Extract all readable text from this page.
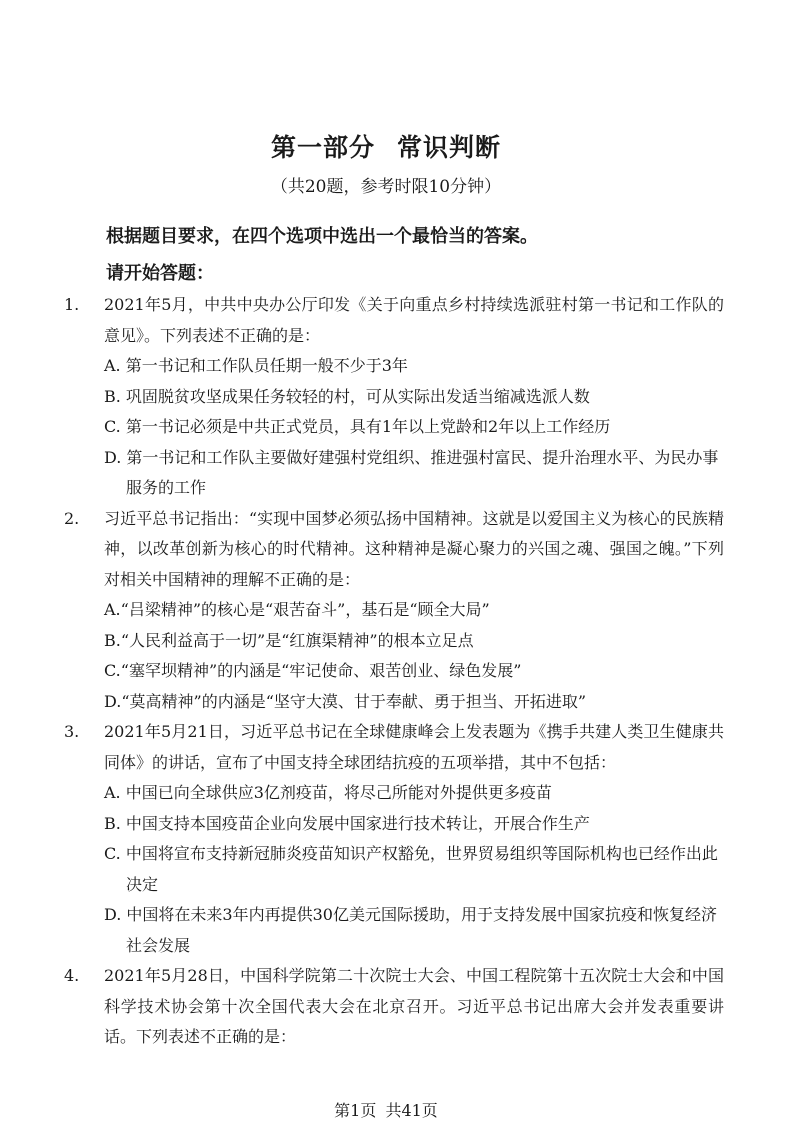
第一部分 常识判断
（共20题，参考时限10分钟）
根据题目要求，在四个选项中选出一个最恰当的答案。
请开始答题：
1.	2021年5月，中共中央办公厅印发《关于向重点乡村持续选派驻村第一书记和工作队的意见》。下列表述不正确的是：
A. 第一书记和工作队员任期一般不少于3年
B. 巩固脱贫攻坚成果任务较轻的村，可从实际出发适当缩减选派人数
C. 第一书记必须是中共正式党员，具有1年以上党龄和2年以上工作经历
D. 第一书记和工作队主要做好建强村党组织、推进强村富民、提升治理水平、为民办事服务的工作
2.	习近平总书记指出：“实现中国梦必须弘扬中国精神。这就是以爱国主义为核心的民族精神，以改革创新为核心的时代精神。这种精神是凝心聚力的兴国之魂、强国之魄。”下列对相关中国精神的理解不正确的是：
A.“吕梁精神”的核心是“艰苦奋斗”，基石是“顾全大局”
B.“人民利益高于一切”是“红旗渠精神”的根本立足点
C.“塞罕坝精神”的内涵是“牢记使命、艰苦创业、绿色发展”
D.“莫高精神”的内涵是“坚守大漠、甘于奉献、勇于担当、开拓进取”
3.	2021年5月21日，习近平总书记在全球健康峰会上发表题为《携手共建人类卫生健康共同体》的讲话，宣布了中国支持全球团结抗疫的五项举措，其中不包括：
A. 中国已向全球供应3亿剂疫苗，将尽己所能对外提供更多疫苗
B. 中国支持本国疫苗企业向发展中国家进行技术转让，开展合作生产
C. 中国将宣布支持新冠肺炎疫苗知识产权豁免，世界贸易组织等国际机构也已经作出此决定
D. 中国将在未来3年内再提供30亿美元国际援助，用于支持发展中国家抗疫和恢复经济社会发展
4.	2021年5月28日，中国科学院第二十次院士大会、中国工程院第十五次院士大会和中国科学技术协会第十次全国代表大会在北京召开。习近平总书记出席大会并发表重要讲话。下列表述不正确的是：
第1页 共41页
